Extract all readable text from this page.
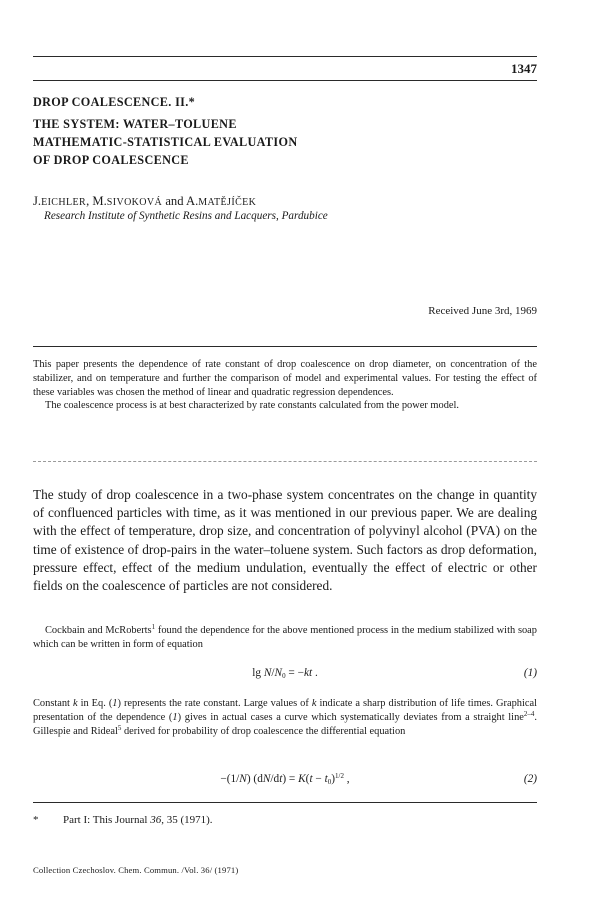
1347
DROP COALESCENCE. II.*
THE SYSTEM: WATER–TOLUENE
MATHEMATIC-STATISTICAL EVALUATION
OF DROP COALESCENCE
J.EICHLER, M.SIVOKOVÁ and A.MATĚJÍČEK
Research Institute of Synthetic Resins and Lacquers, Pardubice
Received June 3rd, 1969

This paper presents the dependence of rate constant of drop coalescence on drop diameter, on concentration of the stabilizer, and on temperature and further the comparison of model and experimental values. For testing the effect of these variables was chosen the method of linear and quadratic regression dependences.

The coalescence process is at best characterized by rate constants calculated from the power model.

The study of drop coalescence in a two-phase system concentrates on the change in quantity of confluenced particles with time, as it was mentioned in our previous paper. We are dealing with the effect of temperature, drop size, and concentration of polyvinyl alcohol (PVA) on the time of existence of drop-pairs in the water–toluene system. Such factors as drop deformation, pressure effect, effect of the medium undulation, eventually the effect of electric or other fields on the coalescence of particles are not considered.

Cockbain and McRoberts$^1$ found the dependence for the above mentioned process in the medium stabilized with soap which can be written in form of equation
$\lg N/N_0 = -kt$ .	(1)
Constant k in Eq. (1) represents the rate constant. Large values of k indicate a sharp distribution of life times. Graphical presentation of the dependence (1) gives in actual cases a curve which systematically deviates from a straight line$^{2-4}$. Gillespie and Rideal$^5$ derived for probability of drop coalescence the differential equation
−(1/N) $(dN/dt) = K(t - t_0)^{1/2}$ ,	(2)
* Part I: This Journal 36, 35 (1971).
Collection Czechoslov. Chem. Commun. /Vol. 36/ (1971)
